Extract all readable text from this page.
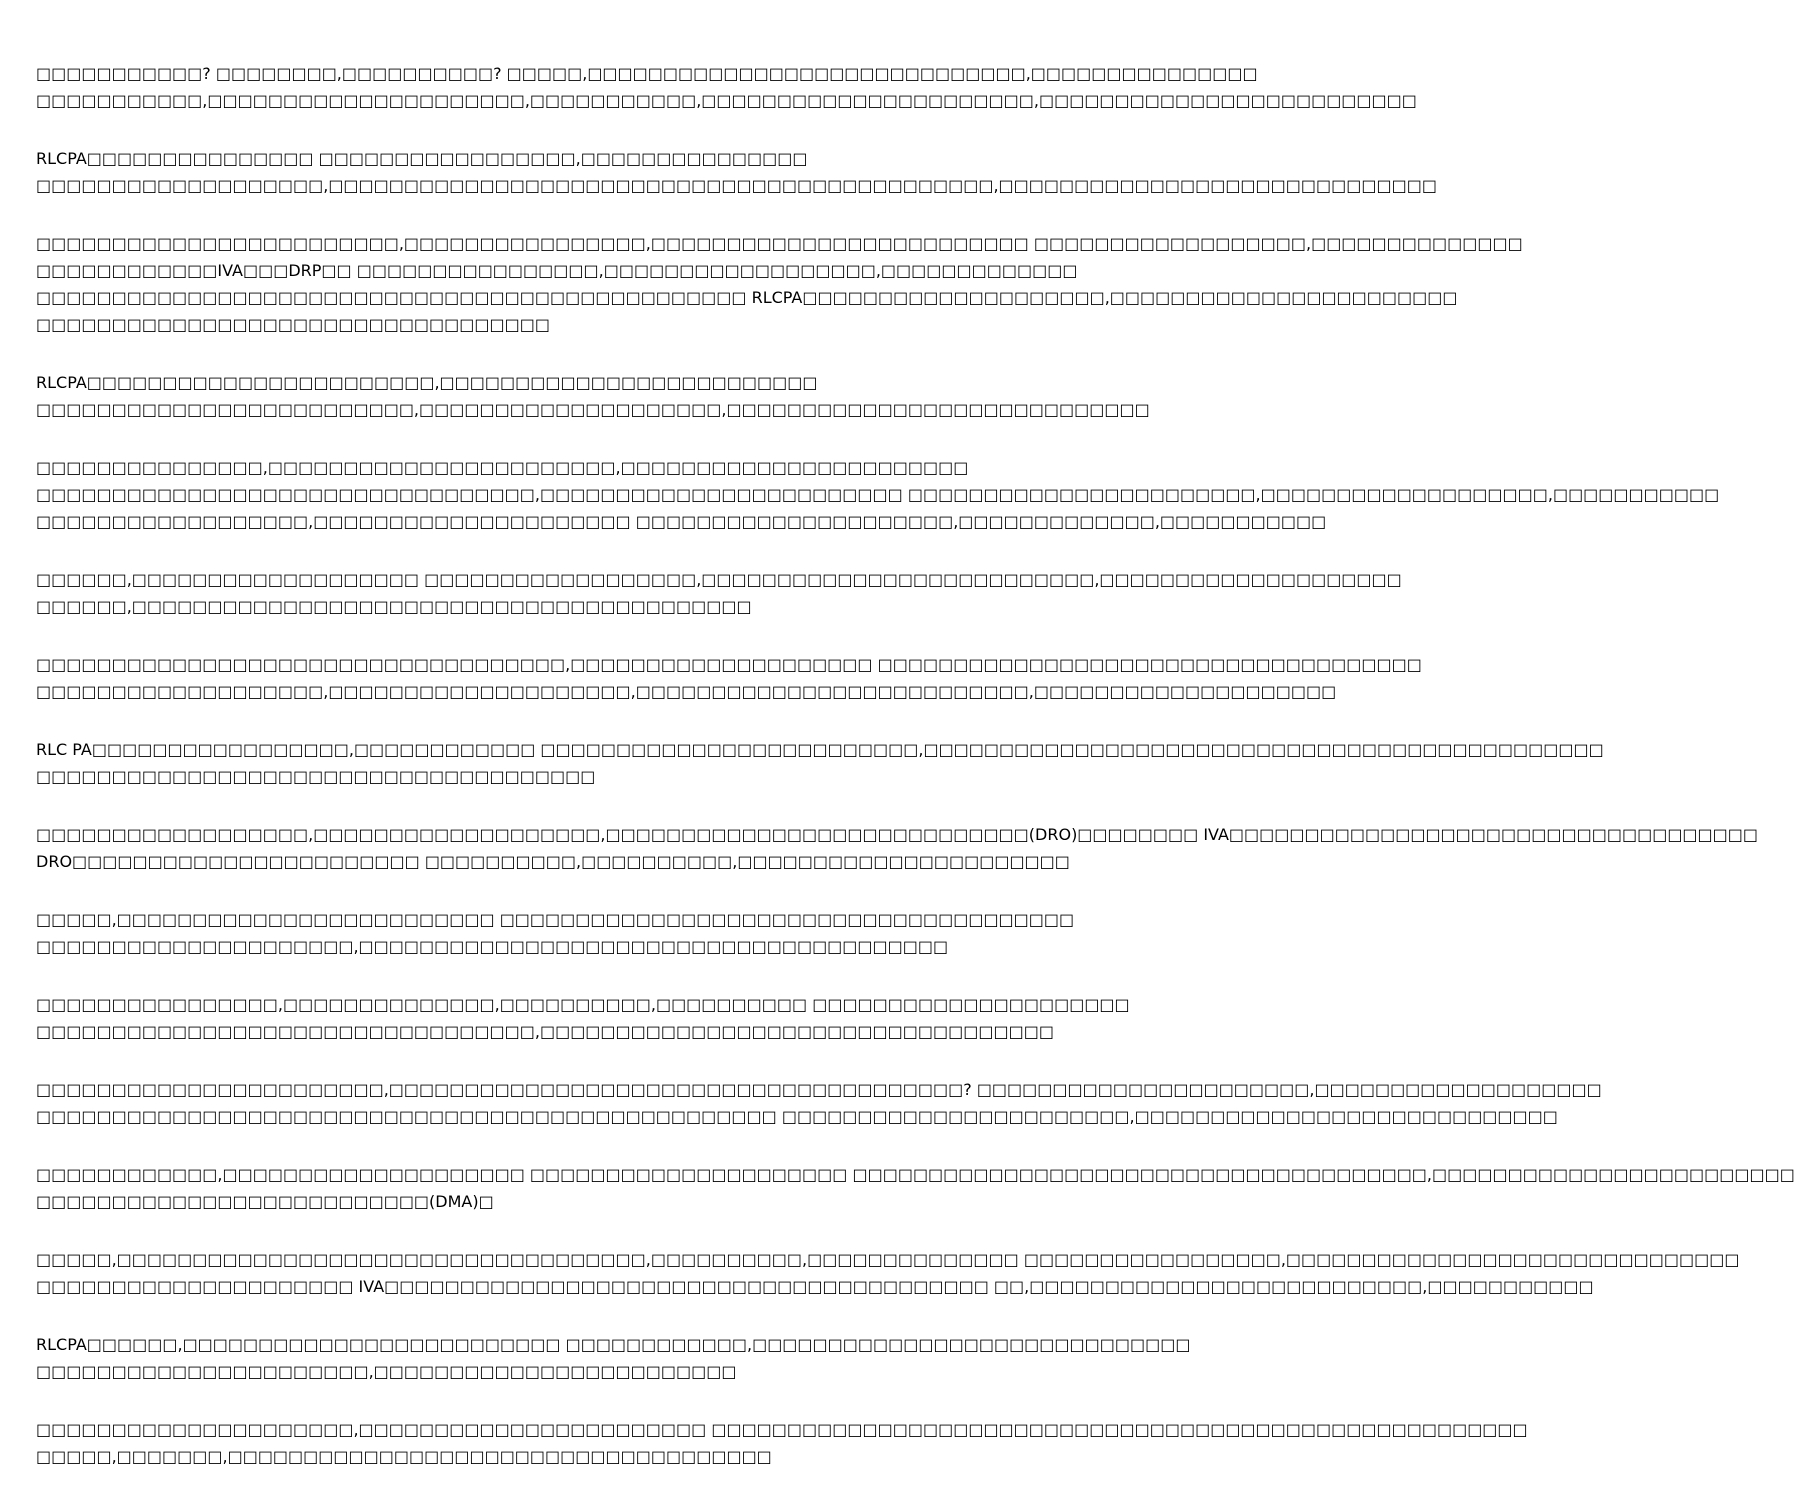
□□□□□□□□□□□? □□□□□□□□,□□□□□□□□□□? □□□□□,□□□□□□□□□□□□□□□□□□□□□□□□□□□□□,□□□□□□□□□□□□□□□
□□□□□□□□□□□,□□□□□□□□□□□□□□□□□□□□□,□□□□□□□□□□□,□□□□□□□□□□□□□□□□□□□□□□,□□□□□□□□□□□□□□□□□□□□□□□□□
RLCPA□□□□□□□□□□□□□□□ □□□□□□□□□□□□□□□□□,□□□□□□□□□□□□□□□
□□□□□□□□□□□□□□□□□□□,□□□□□□□□□□□□□□□□□□□□□□□□□□□□□□□□□□□□□□□□□□□□,□□□□□□□□□□□□□□□□□□□□□□□□□□□□□
□□□□□□□□□□□□□□□□□□□□□□□□,□□□□□□□□□□□□□□□□,□□□□□□□□□□□□□□□□□□□□□□□□□ □□□□□□□□□□□□□□□□□□,□□□□□□□□□□□□□□
□□□□□□□□□□□□IVA□□□DRP□□ □□□□□□□□□□□□□□□□,□□□□□□□□□□□□□□□□□□,□□□□□□□□□□□□□
□□□□□□□□□□□□□□□□□□□□□□□□□□□□□□□□□□□□□□□□□□□□□□□ RLCPA□□□□□□□□□□□□□□□□□□□□,□□□□□□□□□□□□□□□□□□□□□□□
□□□□□□□□□□□□□□□□□□□□□□□□□□□□□□□□□□
RLCPA□□□□□□□□□□□□□□□□□□□□□□□,□□□□□□□□□□□□□□□□□□□□□□□□□
□□□□□□□□□□□□□□□□□□□□□□□□□,□□□□□□□□□□□□□□□□□□□□,□□□□□□□□□□□□□□□□□□□□□□□□□□□□
□□□□□□□□□□□□□□□,□□□□□□□□□□□□□□□□□□□□□□□,□□□□□□□□□□□□□□□□□□□□□□□
□□□□□□□□□□□□□□□□□□□□□□□□□□□□□□□□□,□□□□□□□□□□□□□□□□□□□□□□□□ □□□□□□□□□□□□□□□□□□□□□□□,□□□□□□□□□□□□□□□□□□□,□□□□□□□□□□□
□□□□□□□□□□□□□□□□□□,□□□□□□□□□□□□□□□□□□□□□ □□□□□□□□□□□□□□□□□□□□□,□□□□□□□□□□□□□,□□□□□□□□□□□
□□□□□□,□□□□□□□□□□□□□□□□□□□ □□□□□□□□□□□□□□□□□□,□□□□□□□□□□□□□□□□□□□□□□□□□□,□□□□□□□□□□□□□□□□□□□□
□□□□□□,□□□□□□□□□□□□□□□□□□□□□□□□□□□□□□□□□□□□□□□□□
□□□□□□□□□□□□□□□□□□□□□□□□□□□□□□□□□□□,□□□□□□□□□□□□□□□□□□□□ □□□□□□□□□□□□□□□□□□□□□□□□□□□□□□□□□□□□
□□□□□□□□□□□□□□□□□□□,□□□□□□□□□□□□□□□□□□□□,□□□□□□□□□□□□□□□□□□□□□□□□□□,□□□□□□□□□□□□□□□□□□□□
RLC PA□□□□□□□□□□□□□□□□□,□□□□□□□□□□□□ □□□□□□□□□□□□□□□□□□□□□□□□□,□□□□□□□□□□□□□□□□□□□□□□□□□□□□□□□□□□□□□□□□□□□□□
□□□□□□□□□□□□□□□□□□□□□□□□□□□□□□□□□□□□□
□□□□□□□□□□□□□□□□□□,□□□□□□□□□□□□□□□□□□□,□□□□□□□□□□□□□□□□□□□□□□□□□□□□(DRO)□□□□□□□□ IVA□□□□□□□□□□□□□□□□□□□□□□□□□□□□□□□□□□□
DRO□□□□□□□□□□□□□□□□□□□□□□□ □□□□□□□□□□,□□□□□□□□□□,□□□□□□□□□□□□□□□□□□□□□□
□□□□□,□□□□□□□□□□□□□□□□□□□□□□□□□ □□□□□□□□□□□□□□□□□□□□□□□□□□□□□□□□□□□□□□
□□□□□□□□□□□□□□□□□□□□□,□□□□□□□□□□□□□□□□□□□□□□□□□□□□□□□□□□□□□□□
□□□□□□□□□□□□□□□□,□□□□□□□□□□□□□□,□□□□□□□□□□,□□□□□□□□□□ □□□□□□□□□□□□□□□□□□□□□
□□□□□□□□□□□□□□□□□□□□□□□□□□□□□□□□□,□□□□□□□□□□□□□□□□□□□□□□□□□□□□□□□□□□
□□□□□□□□□□□□□□□□□□□□□□□,□□□□□□□□□□□□□□□□□□□□□□□□□□□□□□□□□□□□□□? □□□□□□□□□□□□□□□□□□□□□□,□□□□□□□□□□□□□□□□□□□
□□□□□□□□□□□□□□□□□□□□□□□□□□□□□□□□□□□□□□□□□□□□□□□□□ □□□□□□□□□□□□□□□□□□□□□□□,□□□□□□□□□□□□□□□□□□□□□□□□□□□□
□□□□□□□□□□□□,□□□□□□□□□□□□□□□□□□□□ □□□□□□□□□□□□□□□□□□□□□ □□□□□□□□□□□□□□□□□□□□□□□□□□□□□□□□□□□□□□,□□□□□□□□□□□□□□□□□□□□□□□□
□□□□□□□□□□□□□□□□□□□□□□□□□□(DMA)□
□□□□□,□□□□□□□□□□□□□□□□□□□□□□□□□□□□□□□□□□□,□□□□□□□□□□,□□□□□□□□□□□□□□ □□□□□□□□□□□□□□□□□,□□□□□□□□□□□□□□□□□□□□□□□□□□□□□□
□□□□□□□□□□□□□□□□□□□□□ IVA□□□□□□□□□□□□□□□□□□□□□□□□□□□□□□□□□□□□□□□□ □□,□□□□□□□□□□□□□□□□□□□□□□□□□□,□□□□□□□□□□□
RLCPA□□□□□□,□□□□□□□□□□□□□□□□□□□□□□□□□ □□□□□□□□□□□□,□□□□□□□□□□□□□□□□□□□□□□□□□□□□□
□□□□□□□□□□□□□□□□□□□□□□,□□□□□□□□□□□□□□□□□□□□□□□□
□□□□□□□□□□□□□□□□□□□□□,□□□□□□□□□□□□□□□□□□□□□□□ □□□□□□□□□□□□□□□□□□□□□□□□□□□□□□□□□□□□□□□□□□□□□□□□□□□□□□
□□□□□,□□□□□□□,□□□□□□□□□□□□□□□□□□□□□□□□□□□□□□□□□□□□
